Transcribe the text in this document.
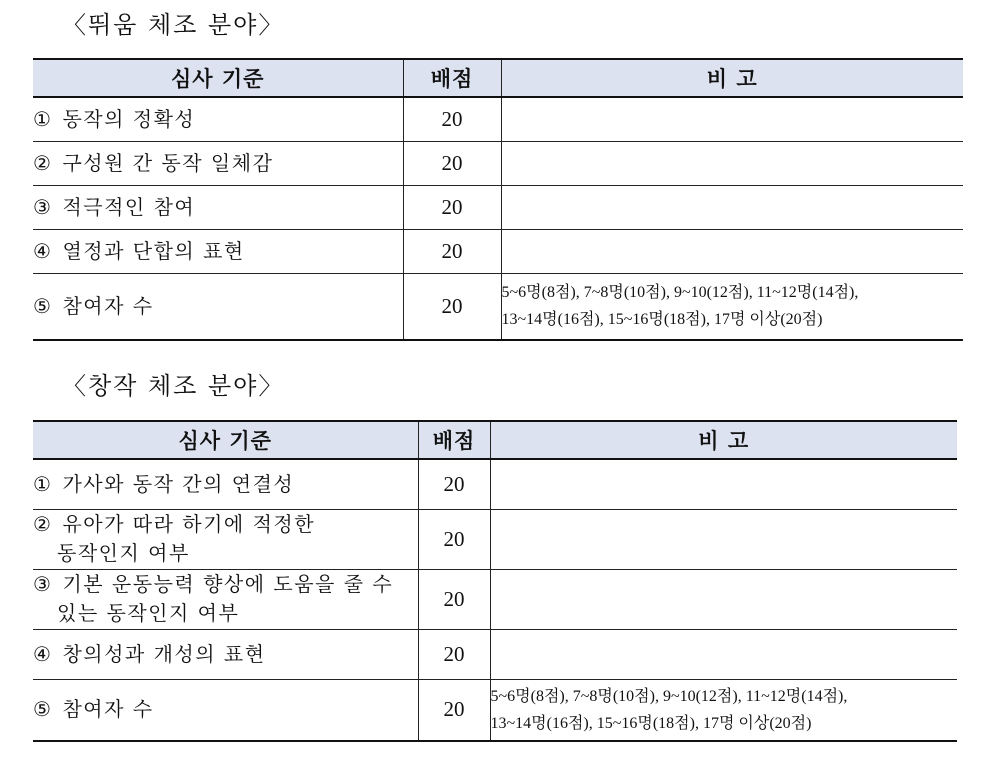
〈뛰움 체조 분야〉
심사 기준	배점	비 고
① 동작의 정확성	20	
② 구성원 간 동작 일체감	20	
③ 적극적인 참여	20	
④ 열정과 단합의 표현	20	
⑤ 참여자 수	20	5~6명(8점), 7~8명(10점), 9~10(12점), 11~12명(14점),
13~14명(16점), 15~16명(18점), 17명 이상(20점)
〈창작 체조 분야〉
심사 기준	배점	비 고
① 가사와 동작 간의 연결성	20	
② 유아가 따라 하기에 적정한
동작인지 여부	20	
③ 기본 운동능력 향상에 도움을 줄 수
있는 동작인지 여부	20	
④ 창의성과 개성의 표현	20	
⑤ 참여자 수	20	5~6명(8점), 7~8명(10점), 9~10(12점), 11~12명(14점),
13~14명(16점), 15~16명(18점), 17명 이상(20점)
